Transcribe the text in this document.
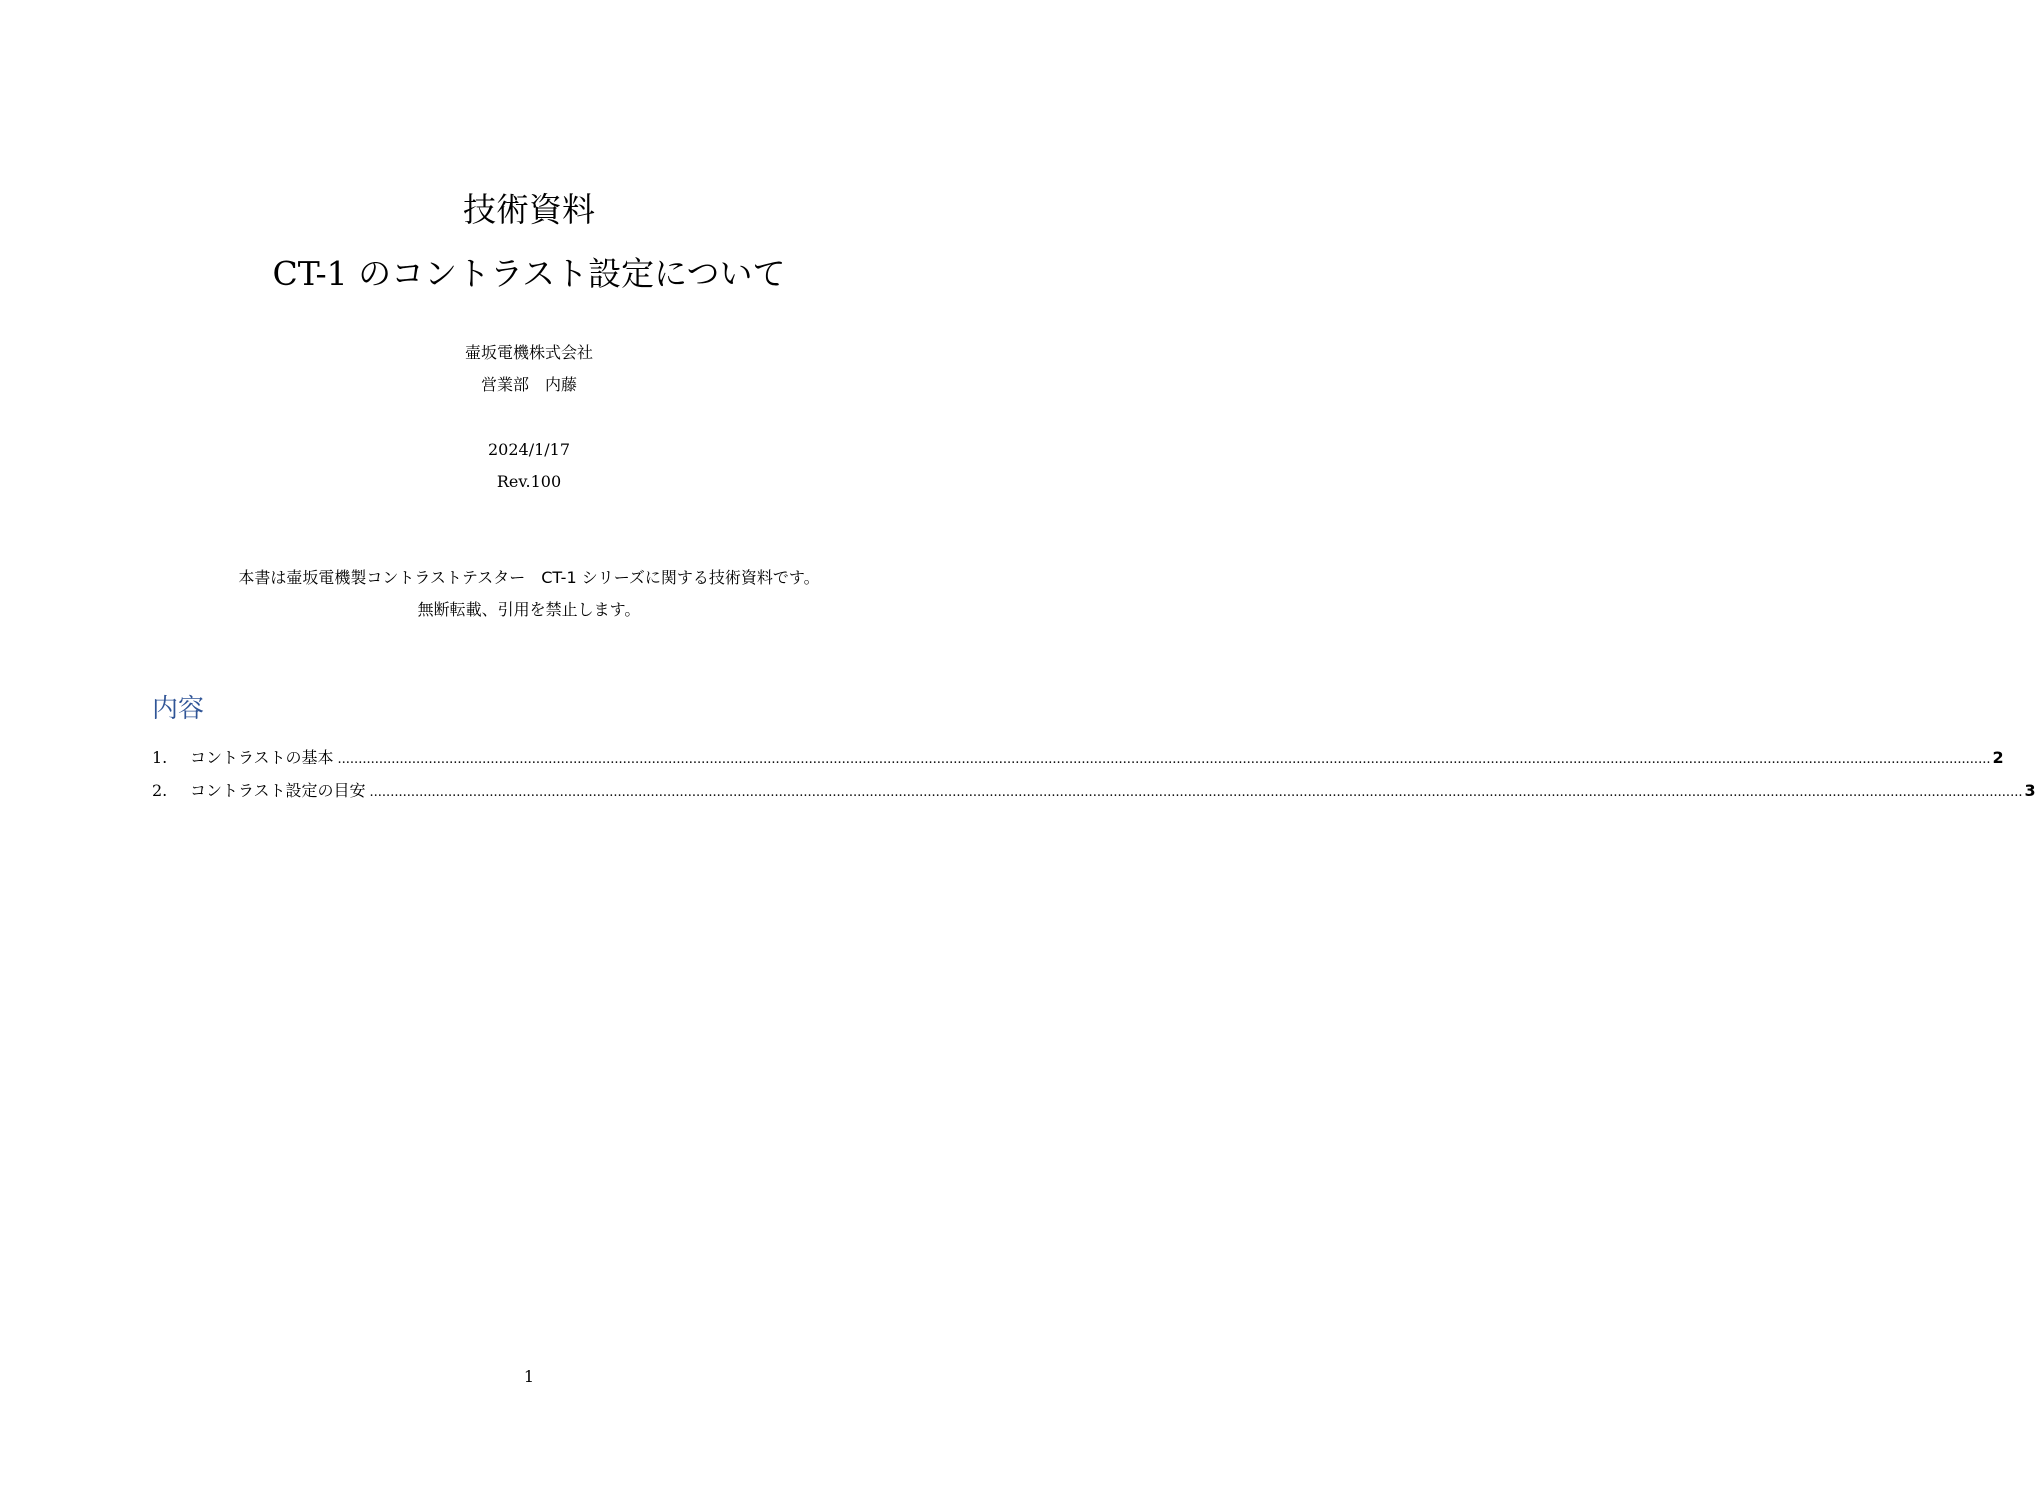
技術資料
CT-1 のコントラスト設定について
壷坂電機株式会社
営業部　内藤
2024/1/17
Rev.100
本書は壷坂電機製コントラストテスター　CT-1 シリーズに関する技術資料です。
無断転載、引用を禁止します。
内容
1.	コントラストの基本 ................................................................................................................................................................................................................................................................................................................................................................................................................ 2
2.	コントラスト設定の目安 ................................................................................................................................................................................................................................................................................................................................................................................................................ 3
1
